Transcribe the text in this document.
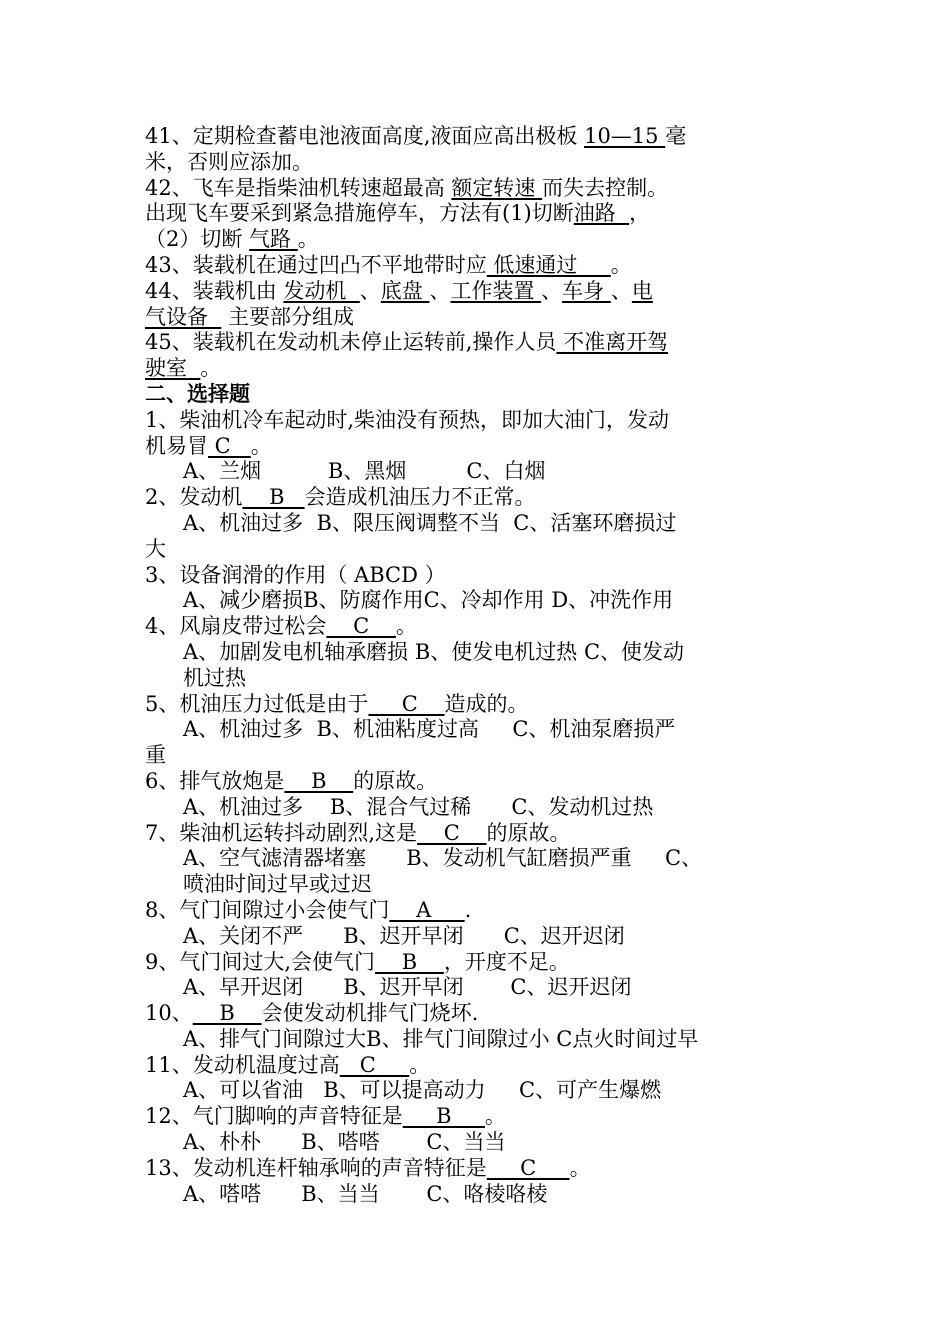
41、定期检查蓄电池液面高度,液面应高出极板 10—15 毫
米，否则应添加。
42、飞车是指柴油机转速超最高 额定转速 而失去控制。
出现飞车要采到紧急措施停车，方法有(1)切断油路  ，
（2）切断 气路 。
43、装载机在通过凹凸不平地带时应 低速通过     。
44、装载机由 发动机  、底盘 、工作装置 、车身 、电
气设备   主要部分组成
45、装载机在发动机未停止运转前,操作人员 不准离开驾
驶室  。
二、选择题
1、柴油机冷车起动时,柴油没有预热，即加大油门，发动
机易冒 C   。
A、兰烟          B、黑烟         C、白烟
2、发动机    B   会造成机油压力不正常。
A、机油过多  B、限压阀调整不当  C、活塞环磨损过
大
3、设备润滑的作用（ ABCD ）
A、减少磨损B、防腐作用C、冷却作用 D、冲洗作用
4、风扇皮带过松会    C    。
A、加剧发电机轴承磨损 B、使发电机过热 C、使发动
机过热
5、机油压力过低是由于     C    造成的。
A、机油过多  B、机油粘度过高     C、机油泵磨损严
重
6、排气放炮是    B    的原故。
A、机油过多    B、混合气过稀      C、发动机过热
7、柴油机运转抖动剧烈,这是    C    的原故。
A、空气滤清器堵塞      B、发动机气缸磨损严重     C、
喷油时间过早或过迟
8、气门间隙过小会使气门    A     .
A、关闭不严      B、迟开早闭      C、迟开迟闭
9、气门间过大,会使气门    B    ，开度不足。
A、早开迟闭      B、迟开早闭       C、迟开迟闭
10、    B    会使发动机排气门烧坏.
A、排气门间隙过大B、排气门间隙过小 C点火时间过早
11、发动机温度过高   C     。
A、可以省油   B、可以提高动力     C、可产生爆燃
12、气门脚响的声音特征是     B     。
A、朴朴      B、嗒嗒       C、当当
13、发动机连杆轴承响的声音特征是     C     。
A、嗒嗒      B、当当       C、咯棱咯棱
